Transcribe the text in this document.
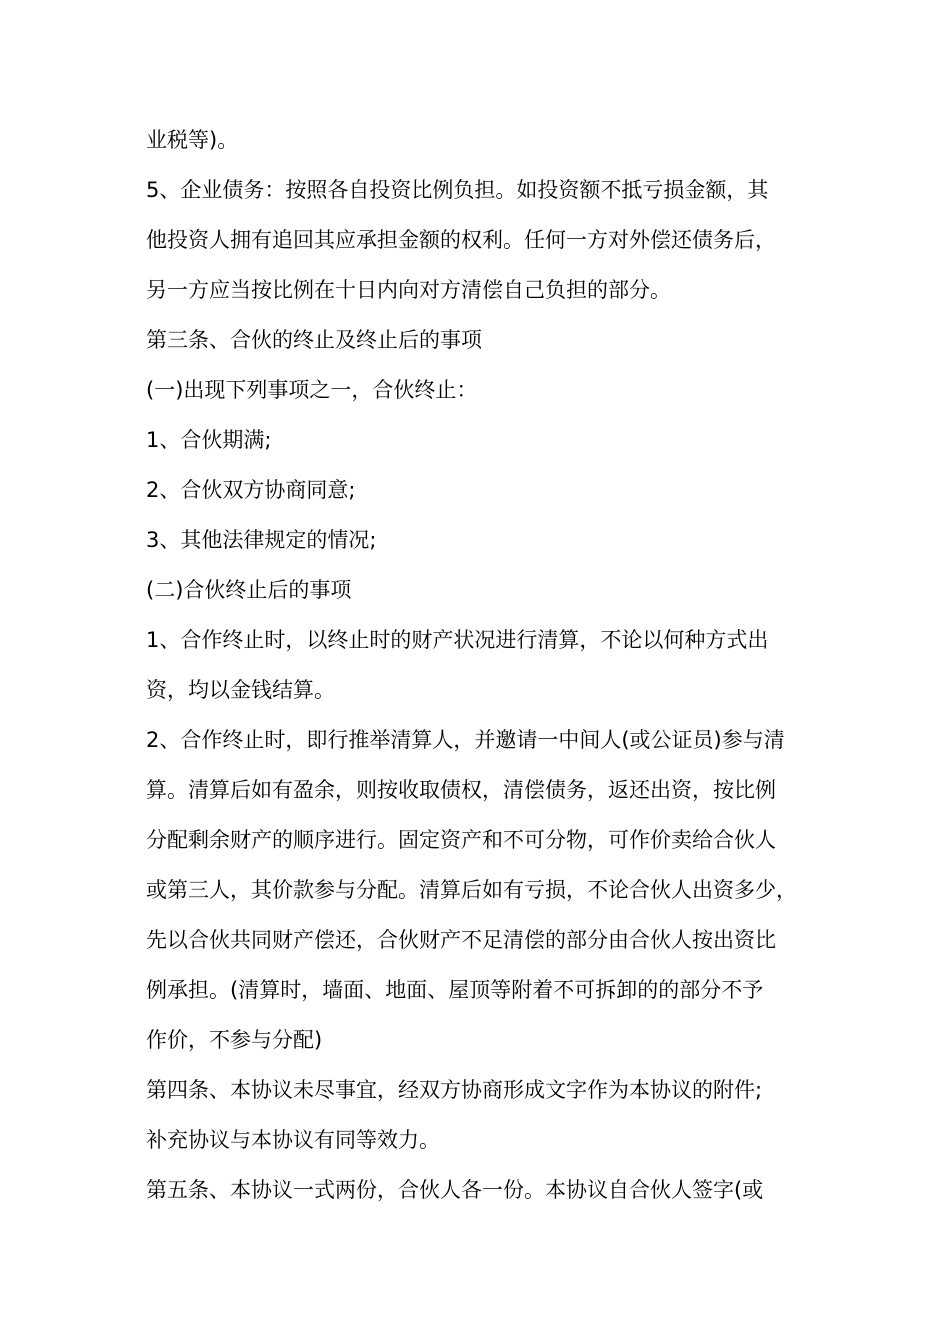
业税等)。
5、企业债务：按照各自投资比例负担。如投资额不抵亏损金额，其
他投资人拥有追回其应承担金额的权利。任何一方对外偿还债务后，
另一方应当按比例在十日内向对方清偿自己负担的部分。
第三条、合伙的终止及终止后的事项
(一)出现下列事项之一，合伙终止：
1、合伙期满;
2、合伙双方协商同意;
3、其他法律规定的情况;
(二)合伙终止后的事项
1、合作终止时，以终止时的财产状况进行清算，不论以何种方式出
资，均以金钱结算。
2、合作终止时，即行推举清算人，并邀请一中间人(或公证员)参与清
算。清算后如有盈余，则按收取债权，清偿债务，返还出资，按比例
分配剩余财产的顺序进行。固定资产和不可分物，可作价卖给合伙人
或第三人，其价款参与分配。清算后如有亏损，不论合伙人出资多少，
先以合伙共同财产偿还，合伙财产不足清偿的部分由合伙人按出资比
例承担。(清算时，墙面、地面、屋顶等附着不可拆卸的的部分不予
作价，不参与分配)
第四条、本协议未尽事宜，经双方协商形成文字作为本协议的附件;
补充协议与本协议有同等效力。
第五条、本协议一式两份，合伙人各一份。本协议自合伙人签字(或
